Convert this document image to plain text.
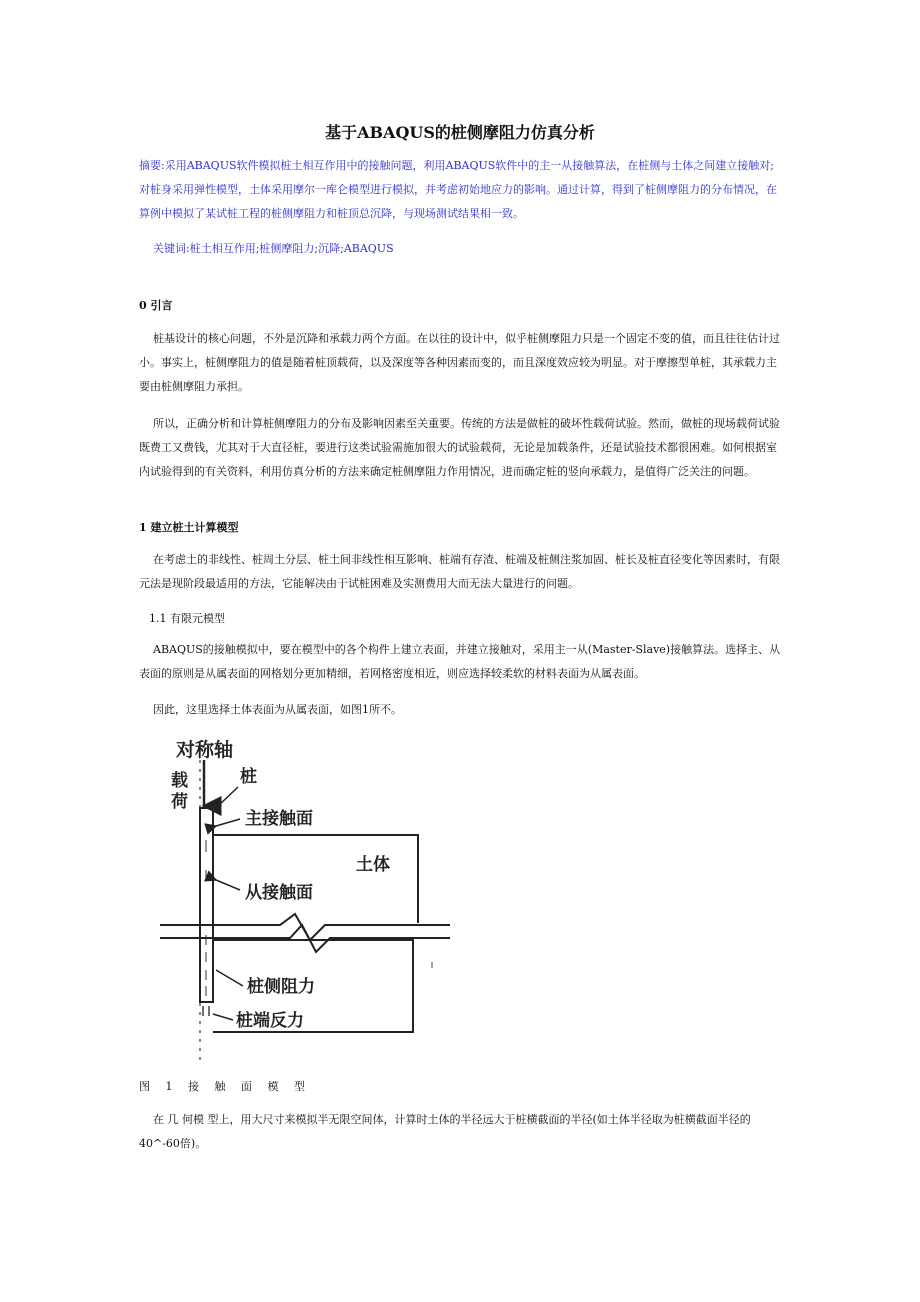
基于ABAQUS的桩侧摩阻力仿真分析

摘要:采用ABAQUS软件模拟桩土相互作用中的接触问题，利用ABAQUS软件中的主一从接触算法，在桩侧与土体之间建立接触对;对桩身采用弹性模型，土体采用摩尔一库仑模型进行模拟，并考虑初始地应力的影响。通过计算，得到了桩侧摩阻力的分布情况，在算例中模拟了某试桩工程的桩侧摩阻力和桩顶总沉降，与现场测试结果相一致。

关键词:桩土相互作用;桩侧摩阻力;沉降;ABAQUS

0 引言

桩基设计的核心问题，不外是沉降和承载力两个方面。在以往的设计中，似乎桩侧摩阻力只是一个固定不变的值，而且往往估计过小。事实上，桩侧摩阻力的值是随着桩顶载荷，以及深度等各种因素而变的，而且深度效应较为明显。对于摩擦型单桩，其承载力主要由桩侧摩阻力承担。

所以，正确分析和计算桩侧摩阻力的分布及影响因素至关重要。传统的方法是做桩的破坏性载荷试验。然而，做桩的现场载荷试验既费工又费钱，尤其对于大直径桩，要进行这类试验需施加很大的试验载荷，无论是加载条件，还是试验技术都很困难。如何根据室内试验得到的有关资料，利用仿真分析的方法来确定桩侧摩阻力作用情况，进而确定桩的竖向承载力，是值得广泛关注的问题。

1 建立桩土计算模型

在考虑土的非线性、桩周土分层、桩土间非线性相互影响、桩端有存渣、桩端及桩侧注浆加固、桩长及桩直径变化等因素时，有限元法是现阶段最适用的方法，它能解决由于试桩困难及实测费用大而无法大量进行的问题。

1.1 有限元模型

ABAQUS的接触模拟中，要在模型中的各个构件上建立表面，并建立接触对，采用主一从(Master-Slave)接触算法。选择主、从表面的原则是从属表面的网格划分更加精细，若网格密度相近，则应选择较柔软的材料表面为从属表面。

因此，这里选择土体表面为从属表面，如图1所不。

对称轴
载
荷
桩
主接触面
土体
从接触面
桩侧阻力
桩端反力

图 1 接 触 面 模 型

在 几 何模 型上，用大尺寸来模拟半无限空间体，计算时土体的半径远大于桩横截面的半径(如土体半径取为桩横截面半径的40^-60倍)。
